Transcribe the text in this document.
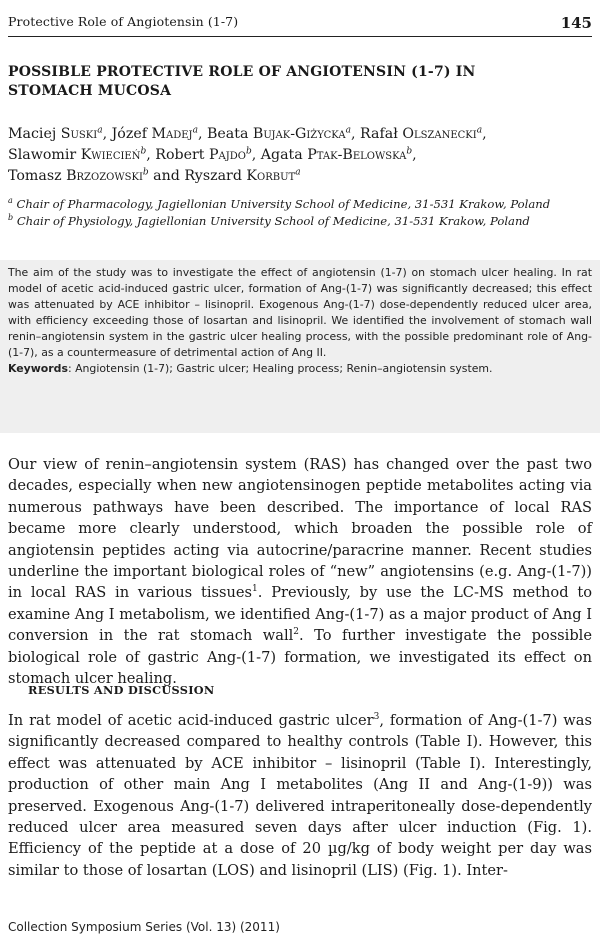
Protective Role of Angiotensin (1-7)	145
POSSIBLE PROTECTIVE ROLE OF ANGIOTENSIN (1-7) IN STOMACH MUCOSA
Maciej Suski$^a$, Józef Madej$^a$, Beata Bujak-Giżycka$^a$, Rafał Olszanecki$^a$,
Slawomir Kwiecień$^b$, Robert Pajdo$^b$, Agata Ptak-Belowska$^b$,
Tomasz Brzozowski$^b$ and Ryszard Korbut$^a$
$^a$ Chair of Pharmacology, Jagiellonian University School of Medicine, 31-531 Krakow, Poland
$^b$ Chair of Physiology, Jagiellonian University School of Medicine, 31-531 Krakow, Poland

The aim of the study was to investigate the effect of angiotensin (1-7) on stomach ulcer healing. In rat model of acetic acid-induced gastric ulcer, formation of Ang-(1-7) was significantly decreased; this effect was attenuated by ACE inhibitor – lisinopril. Exogenous Ang-(1-7) dose-dependently reduced ulcer area, with efficiency exceeding those of losartan and lisinopril. We identified the involvement of stomach wall renin–angiotensin system in the gastric ulcer healing process, with the possible predominant role of Ang-(1-7), as a countermeasure of detrimental action of Ang II.
Keywords: Angiotensin (1-7); Gastric ulcer; Healing process; Renin–angiotensin system.

Our view of renin–angiotensin system (RAS) has changed over the past two decades, especially when new angiotensinogen peptide metabolites acting via numerous pathways have been described. The importance of local RAS became more clearly understood, which broaden the possible role of angiotensin peptides acting via autocrine/paracrine manner. Recent studies underline the important biological roles of “new” angiotensins (e.g. Ang-(1-7)) in local RAS in various tissues$^1$. Previously, by use the LC-MS method to examine Ang I metabolism, we identified Ang-(1-7) as a major product of Ang I conversion in the rat stomach wall$^2$. To further investigate the possible biological role of gastric Ang-(1-7) formation, we investigated its effect on stomach ulcer healing.

RESULTS AND DISCUSSION

In rat model of acetic acid-induced gastric ulcer$^3$, formation of Ang-(1-7) was significantly decreased compared to healthy controls (Table I). However, this effect was attenuated by ACE inhibitor – lisinopril (Table I). Interestingly, production of other main Ang I metabolites (Ang II and Ang-(1-9)) was preserved. Exogenous Ang-(1-7) delivered intraperitoneally dose-dependently reduced ulcer area measured seven days after ulcer induction (Fig. 1). Efficiency of the peptide at a dose of 20 µg/kg of body weight per day was similar to those of losartan (LOS) and lisinopril (LIS) (Fig. 1). Inter-

Collection Symposium Series (Vol. 13) (2011)
